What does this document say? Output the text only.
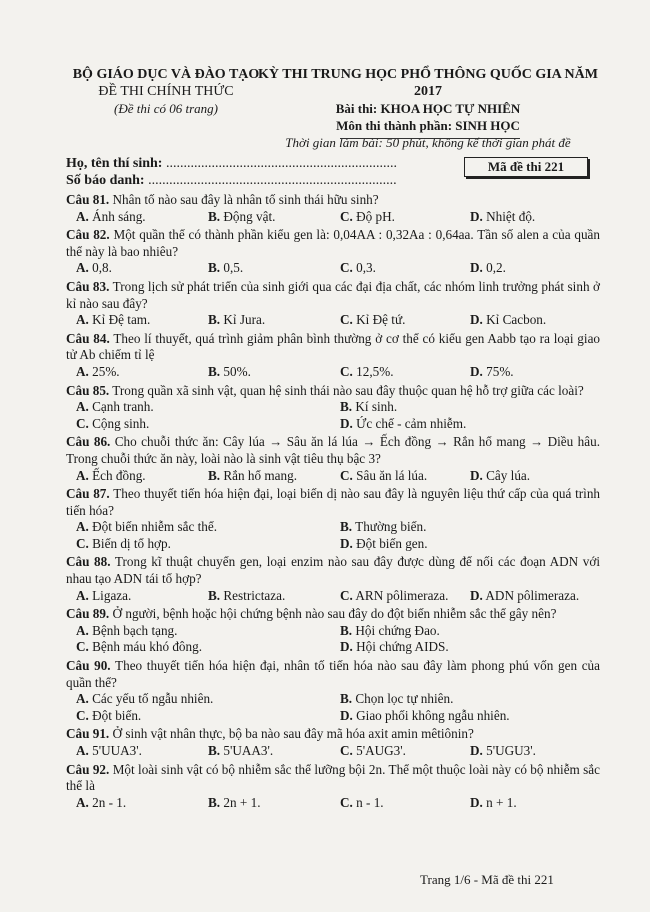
BỘ GIÁO DỤC VÀ ĐÀO TẠO
ĐỀ THI CHÍNH THỨC
(Đề thi có 06 trang)
KỲ THI TRUNG HỌC PHỔ THÔNG QUỐC GIA NĂM 2017
Bài thi: KHOA HỌC TỰ NHIÊN
Môn thi thành phần: SINH HỌC
Thời gian làm bài: 50 phút, không kể thời gian phát đề
Họ, tên thí sinh: ..................................................................
Số báo danh: .......................................................................
Mã đề thi 221
Câu 81. Nhân tố nào sau đây là nhân tố sinh thái hữu sinh?
A. Ánh sáng.	B. Động vật.	C. Độ pH.	D. Nhiệt độ.
Câu 82. Một quần thể có thành phần kiểu gen là: 0,04AA : 0,32Aa : 0,64aa. Tần số alen a của quần thể này là bao nhiêu?
A. 0,8.	B. 0,5.	C. 0,3.	D. 0,2.
Câu 83. Trong lịch sử phát triển của sinh giới qua các đại địa chất, các nhóm linh trưởng phát sinh ở kỉ nào sau đây?
A. Kỉ Đệ tam.	B. Kỉ Jura.	C. Kỉ Đệ tứ.	D. Kỉ Cacbon.
Câu 84. Theo lí thuyết, quá trình giảm phân bình thường ở cơ thể có kiểu gen Aabb tạo ra loại giao tử Ab chiếm tỉ lệ
A. 25%.	B. 50%.	C. 12,5%.	D. 75%.
Câu 85. Trong quần xã sinh vật, quan hệ sinh thái nào sau đây thuộc quan hệ hỗ trợ giữa các loài?
A. Cạnh tranh.	B. Kí sinh.
C. Cộng sinh.	D. Ức chế - cảm nhiễm.
Câu 86. Cho chuỗi thức ăn: Cây lúa → Sâu ăn lá lúa → Ếch đồng → Rắn hổ mang → Diều hâu. Trong chuỗi thức ăn này, loài nào là sinh vật tiêu thụ bậc 3?
A. Ếch đồng.	B. Rắn hổ mang.	C. Sâu ăn lá lúa.	D. Cây lúa.
Câu 87. Theo thuyết tiến hóa hiện đại, loại biến dị nào sau đây là nguyên liệu thứ cấp của quá trình tiến hóa?
A. Đột biến nhiễm sắc thể.	B. Thường biến.
C. Biến dị tổ hợp.	D. Đột biến gen.
Câu 88. Trong kĩ thuật chuyển gen, loại enzim nào sau đây được dùng để nối các đoạn ADN với nhau tạo ADN tái tổ hợp?
A. Ligaza.	B. Restrictaza.	C. ARN pôlimeraza. D. ADN pôlimeraza.
Câu 89. Ở người, bệnh hoặc hội chứng bệnh nào sau đây do đột biến nhiễm sắc thể gây nên?
A. Bệnh bạch tạng.	B. Hội chứng Đao.
C. Bệnh máu khó đông.	D. Hội chứng AIDS.
Câu 90. Theo thuyết tiến hóa hiện đại, nhân tố tiến hóa nào sau đây làm phong phú vốn gen của quần thể?
A. Các yếu tố ngẫu nhiên.	B. Chọn lọc tự nhiên.
C. Đột biến.	D. Giao phối không ngẫu nhiên.
Câu 91. Ở sinh vật nhân thực, bộ ba nào sau đây mã hóa axit amin mêtiônin?
A. 5'UUA3'.	B. 5'UAA3'.	C. 5'AUG3'.	D. 5'UGU3'.
Câu 92. Một loài sinh vật có bộ nhiễm sắc thể lưỡng bội 2n. Thể một thuộc loài này có bộ nhiễm sắc thể là
A. 2n - 1.	B. 2n + 1.	C. n - 1.	D. n + 1.
Trang 1/6 - Mã đề thi 221
